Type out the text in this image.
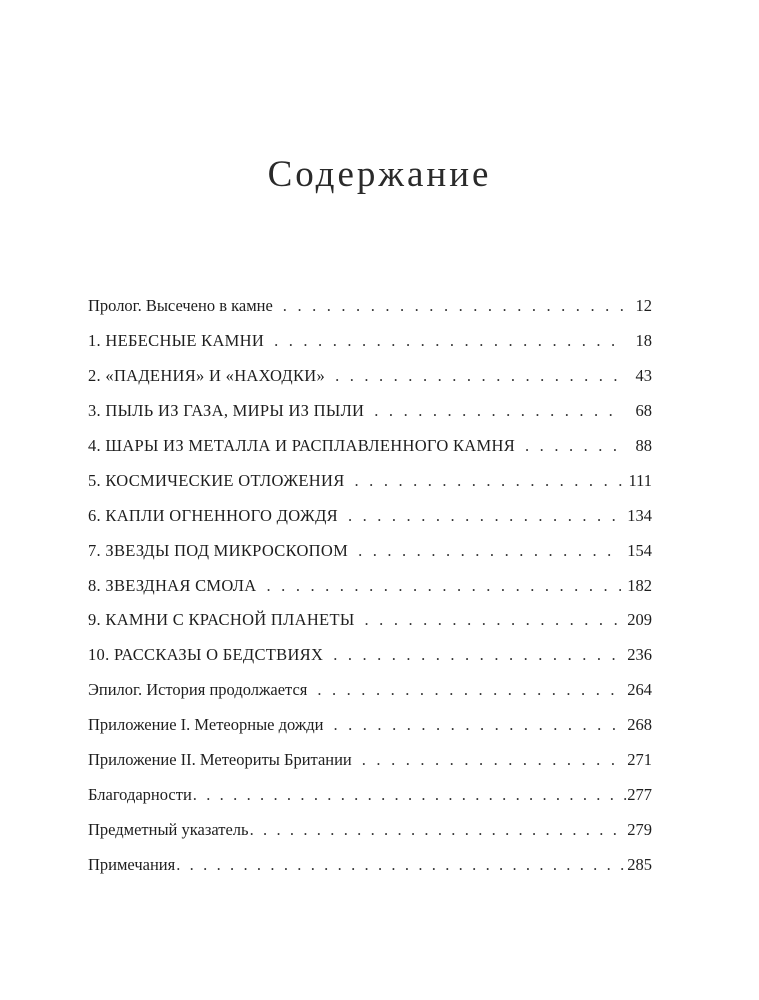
Содержание
Пролог. Высечено в камне . . .	12
1. НЕБЕСНЫЕ КАМНИ . . .	18
2. «ПАДЕНИЯ» И «НАХОДКИ» . . .	43
3. ПЫЛЬ ИЗ ГАЗА, МИРЫ ИЗ ПЫЛИ . . .	68
4. ШАРЫ ИЗ МЕТАЛЛА И РАСПЛАВЛЕННОГО КАМНЯ . . .	88
5. КОСМИЧЕСКИЕ ОТЛОЖЕНИЯ . . .	111
6. КАПЛИ ОГНЕННОГО ДОЖДЯ . . .	134
7. ЗВЕЗДЫ ПОД МИКРОСКОПОМ . . .	154
8. ЗВЕЗДНАЯ СМОЛА . . .	182
9. КАМНИ С КРАСНОЙ ПЛАНЕТЫ . . .	209
10. РАССКАЗЫ О БЕДСТВИЯХ . . .	236
Эпилог. История продолжается . . .	264
Приложение I. Метеорные дожди . . .	268
Приложение II. Метеориты Британии . . .	271
Благодарности . . .	277
Предметный указатель . . .	279
Примечания . . .	285
